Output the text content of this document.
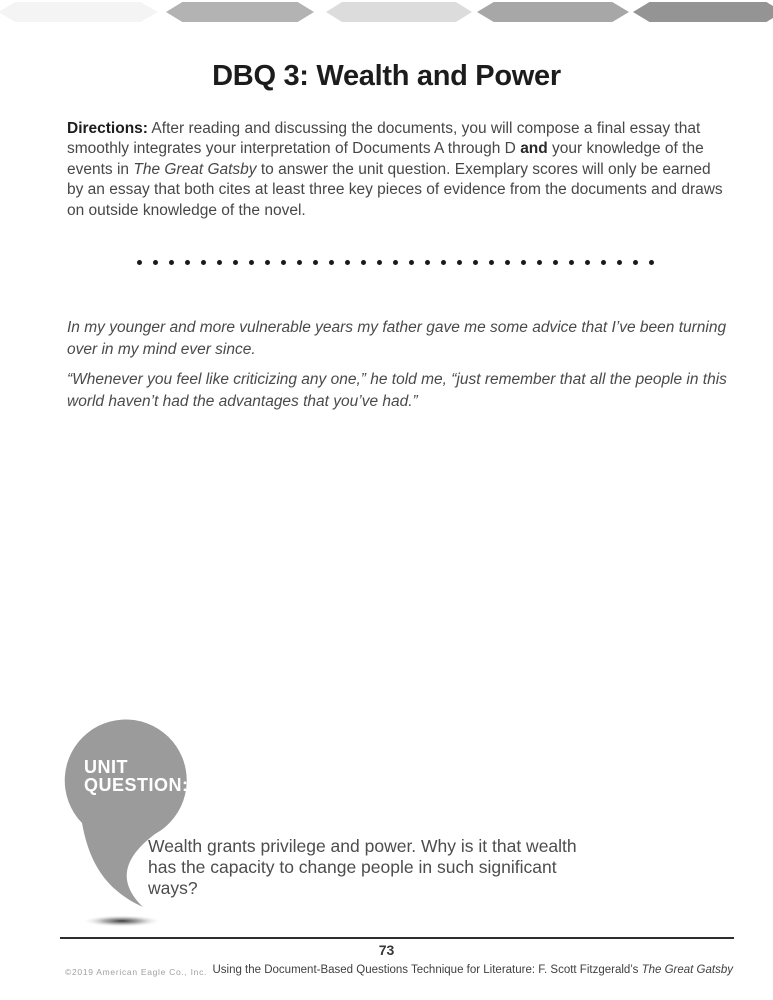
DBQ 3: Wealth and Power

Directions: After reading and discussing the documents, you will compose a final essay that smoothly integrates your interpretation of Documents A through D and your knowledge of the events in The Great Gatsby to answer the unit question. Exemplary scores will only be earned by an essay that both cites at least three key pieces of evidence from the documents and draws on outside knowledge of the novel.

In my younger and more vulnerable years my father gave me some advice that I’ve been turning over in my mind ever since.

“Whenever you feel like criticizing any one,” he told me, “just remember that all the people in this world haven’t had the advantages that you’ve had.”

UNIT
QUESTION:
Wealth grants privilege and power. Why is it that wealth has the capacity to change people in such significant ways?
73
©2019 American Eagle Co., Inc. Using the Document-Based Questions Technique for Literature: F. Scott Fitzgerald’s The Great Gatsby
